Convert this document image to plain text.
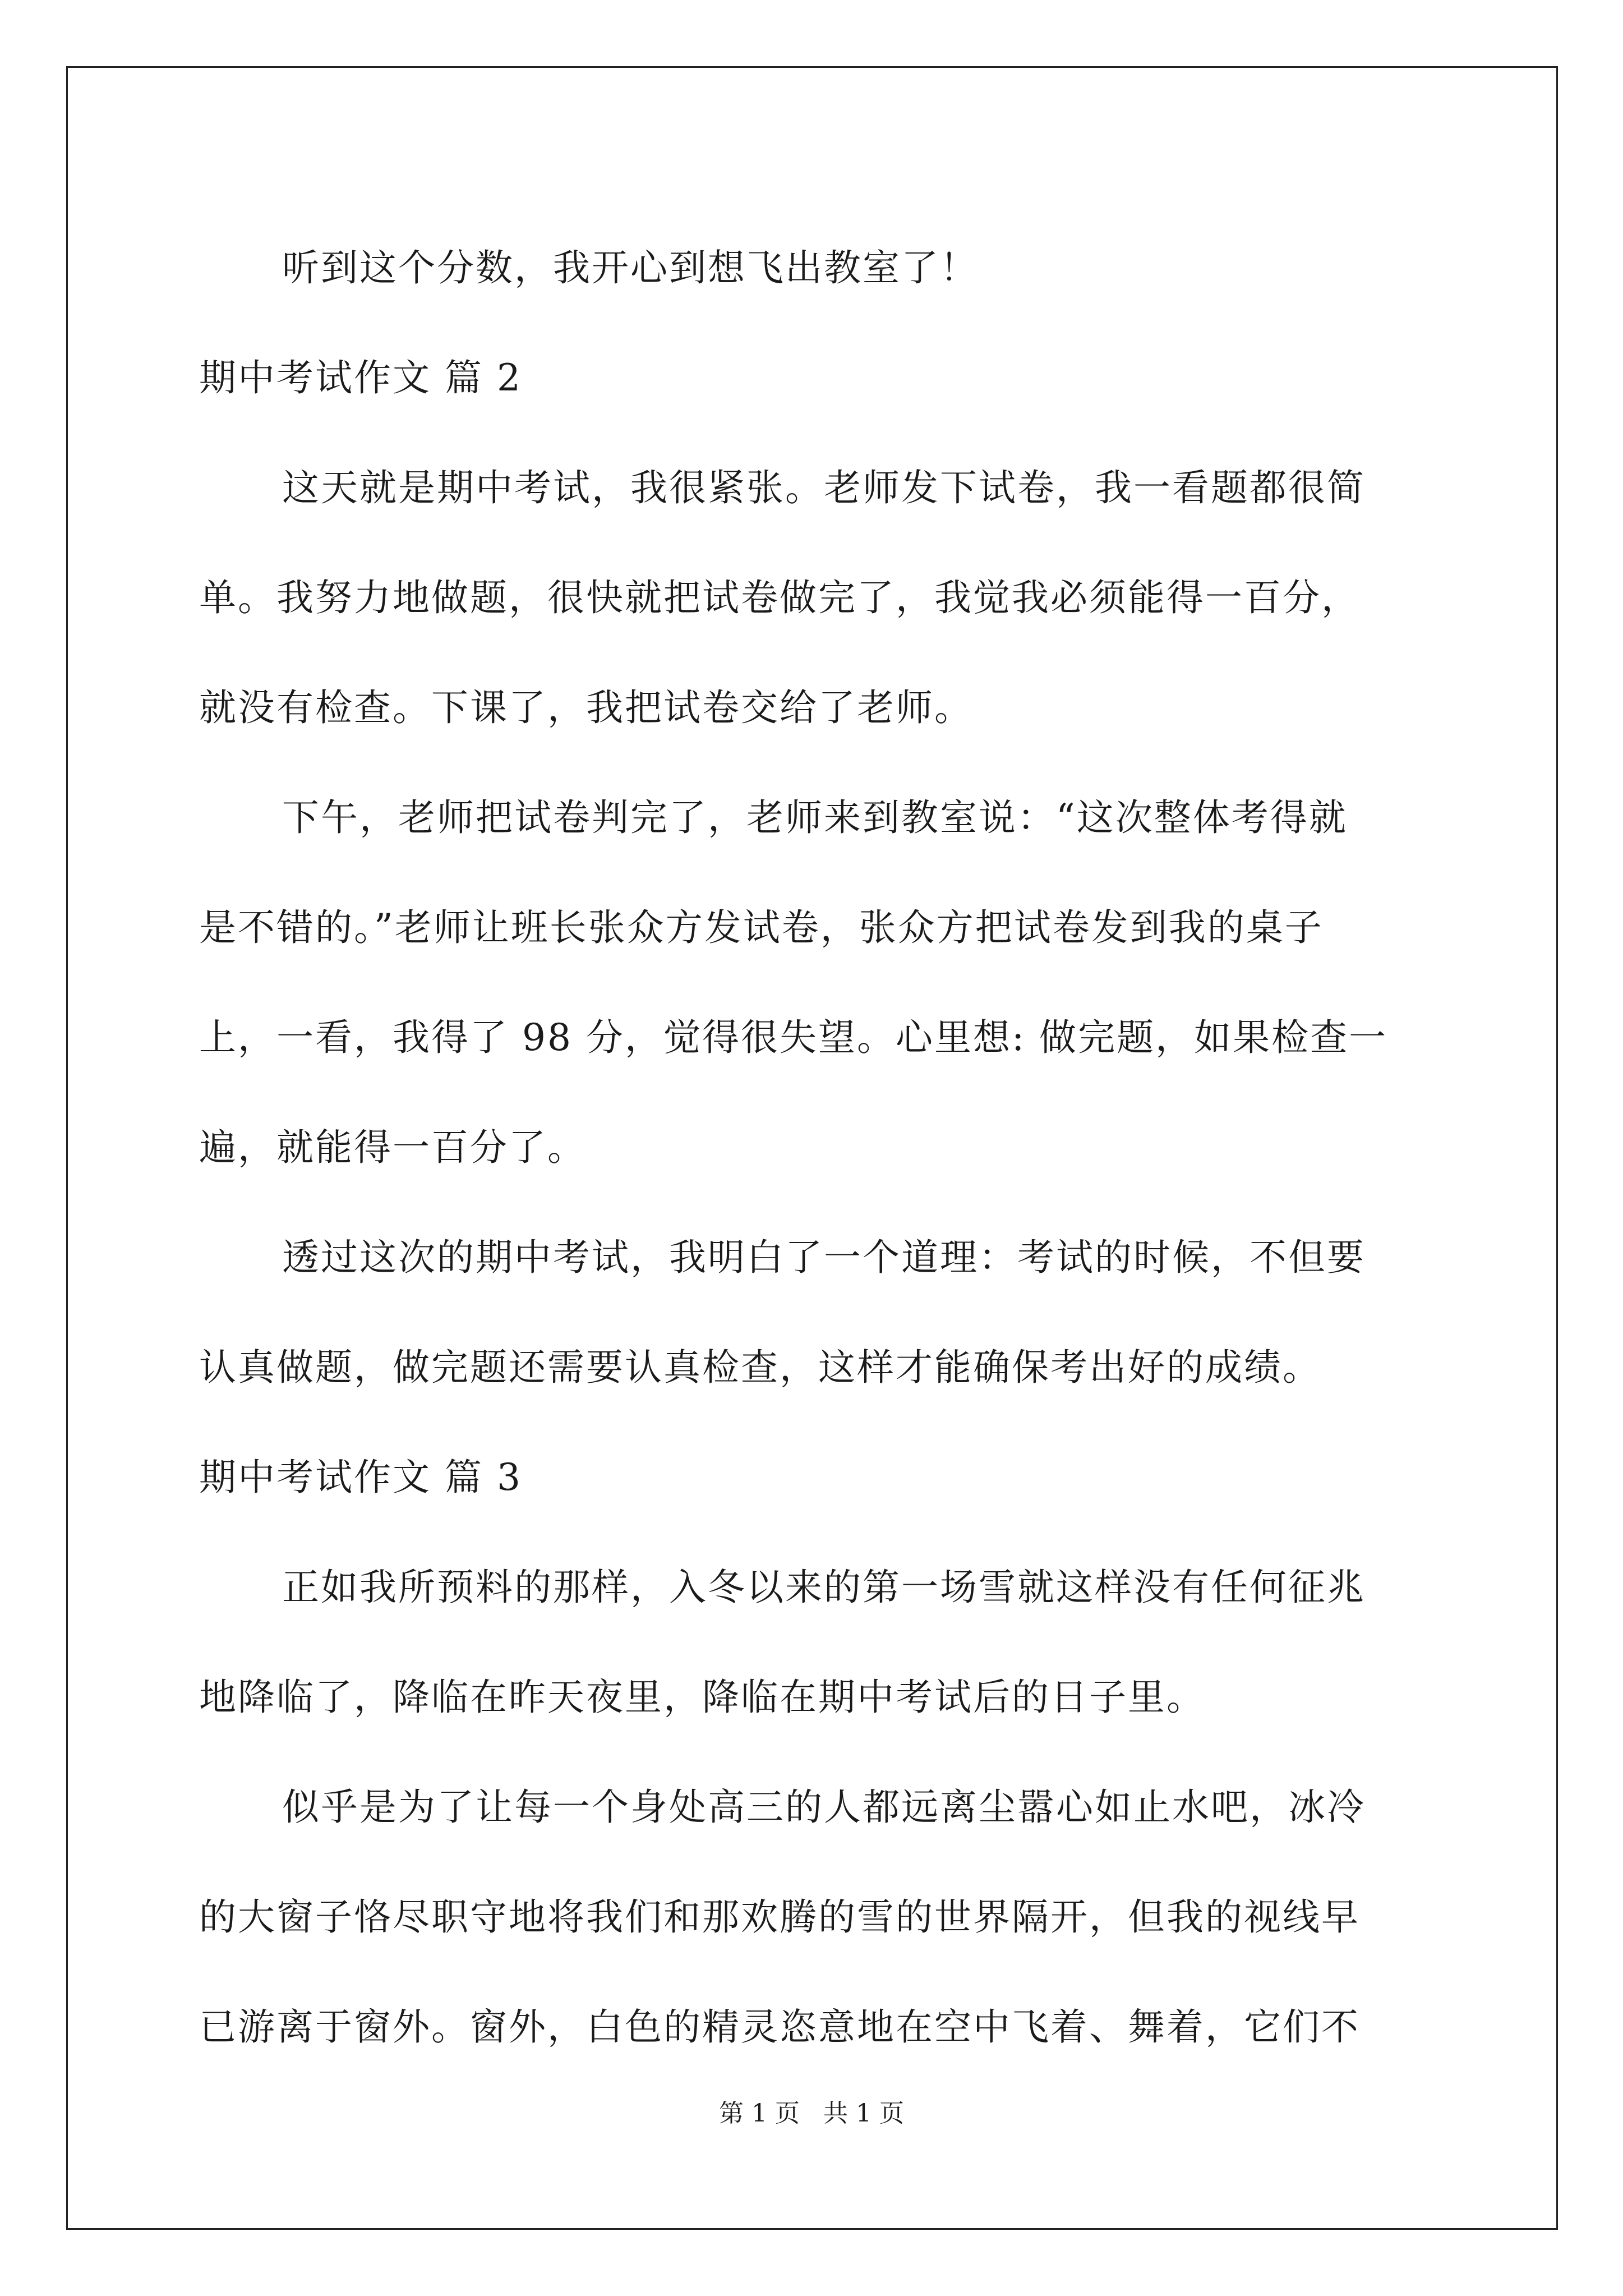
听到这个分数，我开心到想飞出教室了！
期中考试作文 篇 2
这天就是期中考试，我很紧张。老师发下试卷，我一看题都很简
单。我努力地做题，很快就把试卷做完了，我觉我必须能得一百分，
就没有检查。下课了，我把试卷交给了老师。
下午，老师把试卷判完了，老师来到教室说：“这次整体考得就
是不错的。”老师让班长张众方发试卷，张众方把试卷发到我的桌子
上，一看，我得了 98 分，觉得很失望。心里想: 做完题，如果检查一
遍，就能得一百分了。
透过这次的期中考试，我明白了一个道理：考试的时候，不但要
认真做题，做完题还需要认真检查，这样才能确保考出好的成绩。
期中考试作文 篇 3
正如我所预料的那样，入冬以来的第一场雪就这样没有任何征兆
地降临了，降临在昨天夜里，降临在期中考试后的日子里。
似乎是为了让每一个身处高三的人都远离尘嚣心如止水吧，冰冷
的大窗子恪尽职守地将我们和那欢腾的雪的世界隔开，但我的视线早
已游离于窗外。窗外，白色的精灵恣意地在空中飞着、舞着，它们不
第 1 页 共 1 页
